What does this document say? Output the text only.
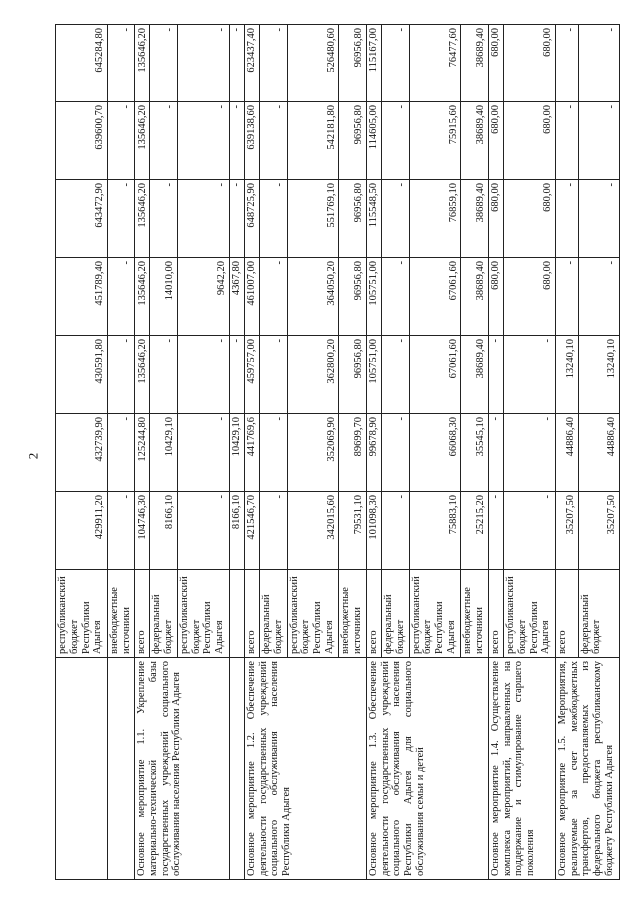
2
	республиканский бюджет Республики Адыгея	429911,20	432739,90	430591,80	451789,40	643472,90	639600,70	645284,80
	внебюджетные источники	-	-	-	-	-	-	-
Основное мероприятие 1.1. Укрепление материально-технической базы государственных учреждений социального обслуживания населения Республики Адыгея	всего	104746,30	125244,80	135646,20	135646,20	135646,20	135646,20	135646,20
	федеральный бюджет	8166,10	10429,10	-	14010,00	-	-	-
	республиканский бюджет Республики Адыгея	-	-	-	9642,20	-	-	-
		8166,10	10429,10	-	4367,80	-	-	-
Основное мероприятие 1.2. Обеспечение деятельности государственных учреждений социального обслуживания населения Республики Адыгея	всего	421546,70	441769,6	459757,00	461007,00	648725,90	639138,60	623437,40
	федеральный бюджет	-	-	-	-	-	-	-
	республиканский бюджет Республики Адыгея	342015,60	352069,90	362800,20	364050,20	551769,10	542181,80	526480,60
	внебюджетные источники	79531,10	89699,70	96956,80	96956,80	96956,80	96956,80	96956,80
Основное мероприятие 1.3. Обеспечение деятельности государственных учреждений социального обслуживания населения Республики Адыгея для социального обслуживания семьи и детей	всего	101098,30	99678,90	105751,00	105751,00	115548,50	114605,00	115167,00
	федеральный бюджет	-	-	-	-	-	-	-
	республиканский бюджет Республики Адыгея	75883,10	66068,30	67061,60	67061,60	76859,10	75915,60	76477,60
	внебюджетные источники	25215,20	35545,10	38689,40	38689,40	38689,40	38689,40	38689,40
Основное мероприятие 1.4. Осуществление комплекса мероприятий, направленных на поддержание и стимулирование старшего поколения	всего	-	-	-	680,00	680,00	680,00	680,00
	республиканский бюджет Республики Адыгея	-	-	-	680,00	680,00	680,00	680,00
Основное мероприятие 1.5. Мероприятия, реализуемые за счет межбюджетных трансфертов, предоставляемых из федерального бюджета республиканскому бюджету Республики Адыгея	всего	35207,50	44886,40	13240,10	-	-	-	-
	федеральный бюджет	35207,50	44886,40	13240,10	-	-	-	-
